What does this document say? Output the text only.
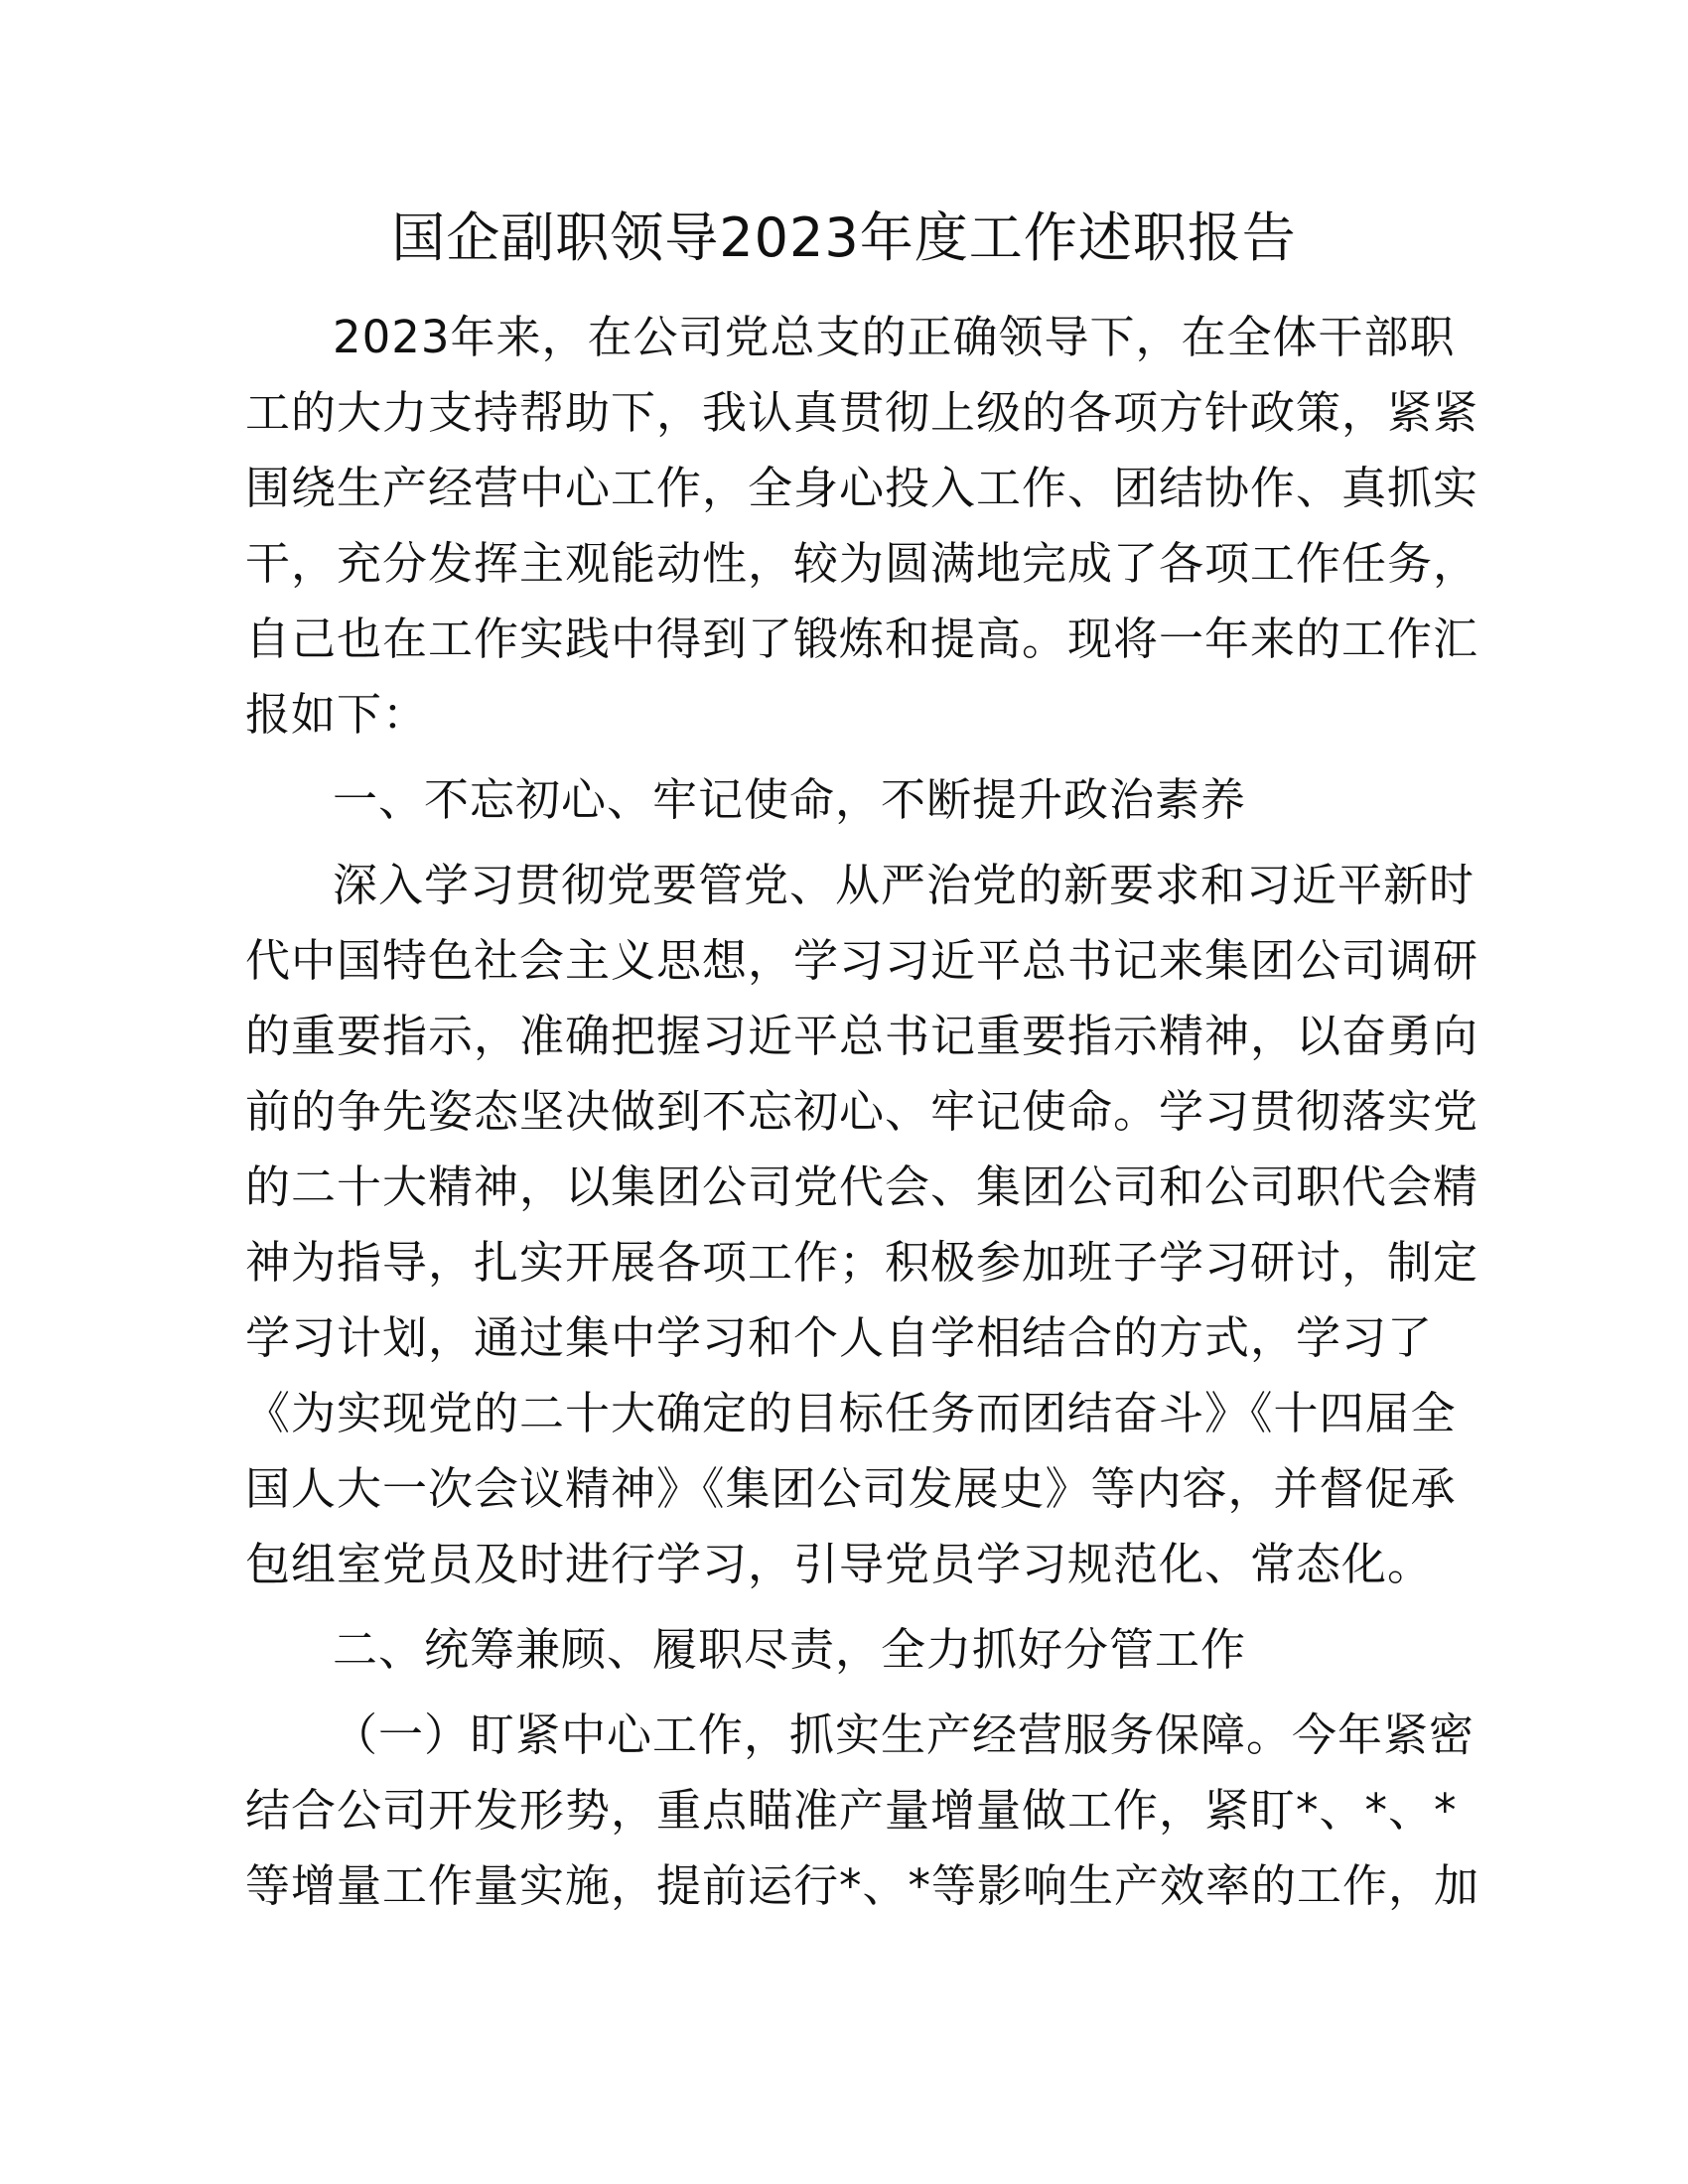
国企副职领导2023年度工作述职报告
2023年来，在公司党总支的正确领导下，在全体干部职
工的大力支持帮助下，我认真贯彻上级的各项方针政策，紧紧
围绕生产经营中心工作，全身心投入工作、团结协作、真抓实
干，充分发挥主观能动性，较为圆满地完成了各项工作任务，
自己也在工作实践中得到了锻炼和提高。现将一年来的工作汇
报如下：
一、不忘初心、牢记使命，不断提升政治素养
深入学习贯彻党要管党、从严治党的新要求和习近平新时
代中国特色社会主义思想，学习习近平总书记来集团公司调研
的重要指示，准确把握习近平总书记重要指示精神，以奋勇向
前的争先姿态坚决做到不忘初心、牢记使命。学习贯彻落实党
的二十大精神，以集团公司党代会、集团公司和公司职代会精
神为指导，扎实开展各项工作；积极参加班子学习研讨，制定
学习计划，通过集中学习和个人自学相结合的方式，学习了
《为实现党的二十大确定的目标任务而团结奋斗》《十四届全
国人大一次会议精神》《集团公司发展史》等内容，并督促承
包组室党员及时进行学习，引导党员学习规范化、常态化。
二、统筹兼顾、履职尽责，全力抓好分管工作
（一）盯紧中心工作，抓实生产经营服务保障。今年紧密
结合公司开发形势，重点瞄准产量增量做工作，紧盯*、*、*
等增量工作量实施，提前运行*、*等影响生产效率的工作，加
